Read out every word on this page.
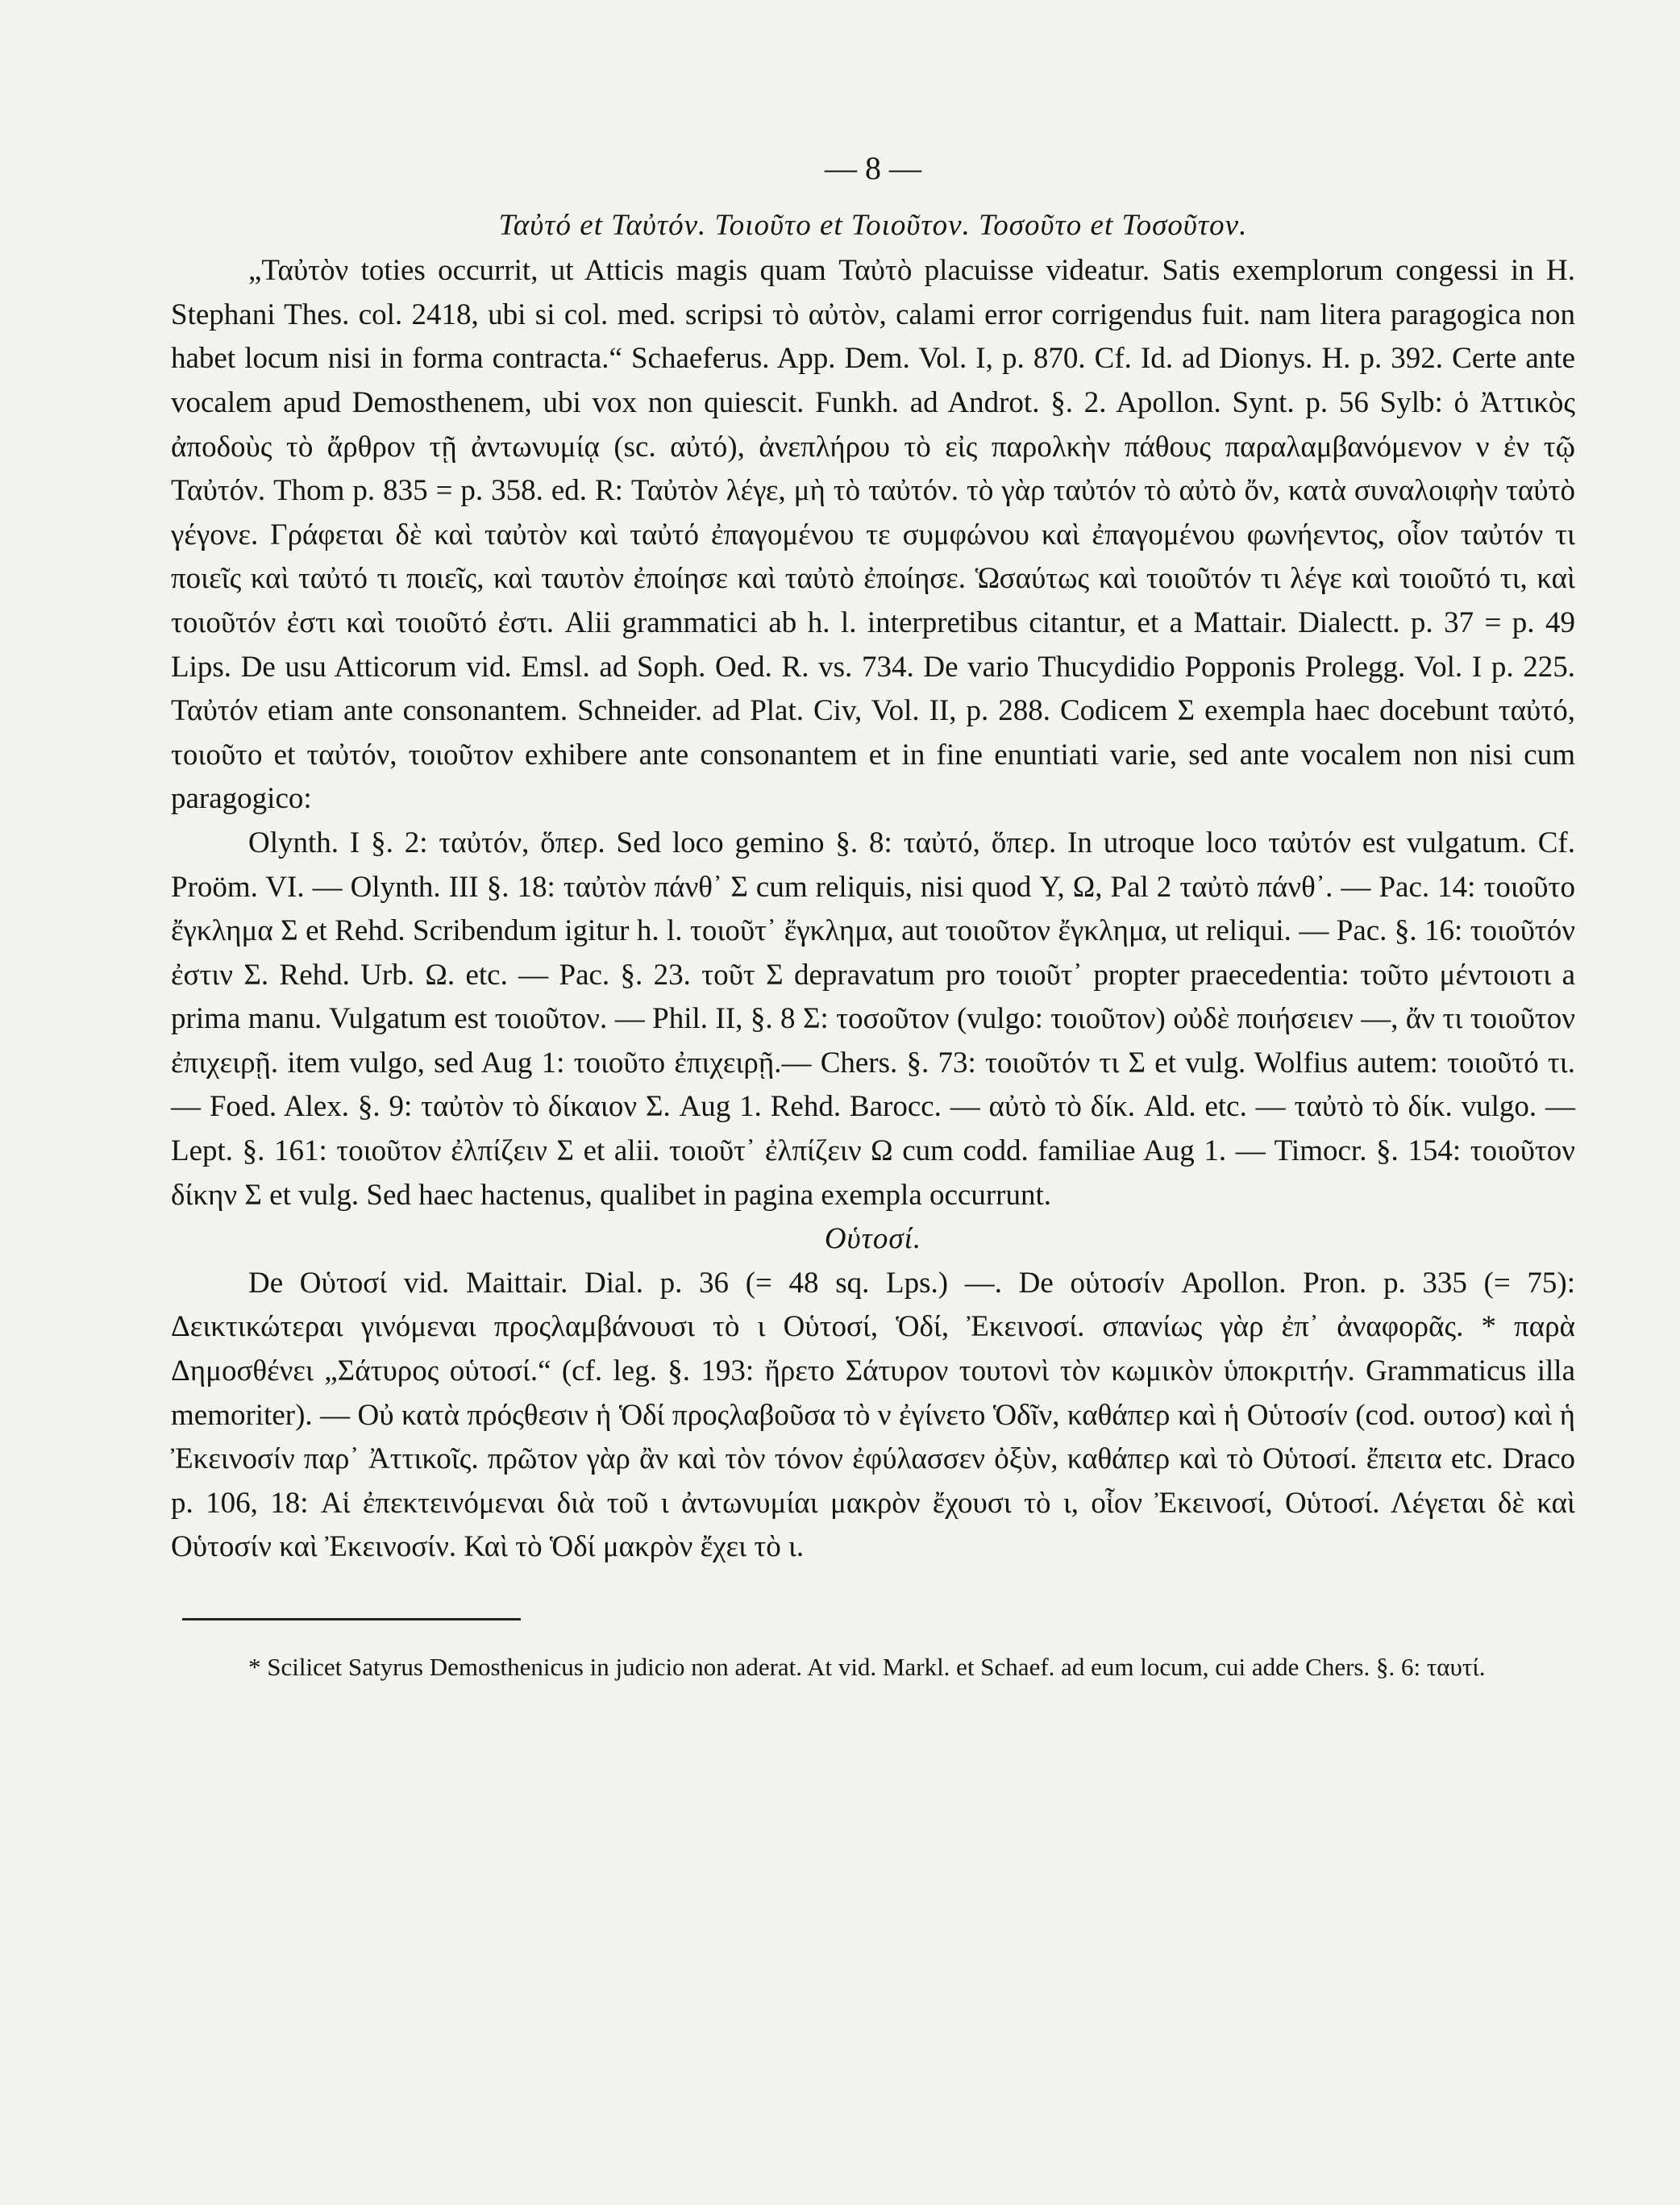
— 8 —
Ταὐτό et Ταὐτόν. Τοιοῦτο et Τοιοῦτον. Τοσοῦτο et Τοσοῦτον.

„Ταὐτὸν toties occurrit, ut Atticis magis quam Ταὐτὸ placuisse videatur. Satis exemplorum congessi in H. Stephani Thes. col. 2418, ubi si col. med. scripsi τὸ αὐτὸν, calami error corrigendus fuit. nam litera paragogica non habet locum nisi in forma contracta.“ Schaeferus. App. Dem. Vol. I, p. 870. Cf. Id. ad Dionys. H. p. 392. Certe ante vocalem apud Demosthenem, ubi vox non quiescit. Funkh. ad Androt. §. 2. Apollon. Synt. p. 56 Sylb: ὁ Ἀττικὸς ἀποδοὺς τὸ ἄρθρον τῇ ἀντωνυμίᾳ (sc. αὐτό), ἀνεπλήρου τὸ εἰς παρολκὴν πάθους παραλαμβανόμενον ν ἐν τῷ Ταὐτόν. Thom p. 835 = p. 358. ed. R: Ταὐτὸν λέγε, μὴ τὸ ταὐτόν. τὸ γὰρ ταὐτόν τὸ αὐτὸ ὄν, κατὰ συναλοιφὴν ταὐτὸ γέγονε. Γράφεται δὲ καὶ ταὐτὸν καὶ ταὐτό ἐπαγομένου τε συμφώνου καὶ ἐπαγομένου φωνήεντος, οἷον ταὐτόν τι ποιεῖς καὶ ταὐτό τι ποιεῖς, καὶ ταυτὸν ἐποίησε καὶ ταὐτὸ ἐποίησε. Ὡσαύτως καὶ τοιοῦτόν τι λέγε καὶ τοιοῦτό τι, καὶ τοιοῦτόν ἐστι καὶ τοιοῦτό ἐστι. Alii grammatici ab h. l. interpretibus citantur, et a Mattair. Dialectt. p. 37 = p. 49 Lips. De usu Atticorum vid. Emsl. ad Soph. Oed. R. vs. 734. De vario Thucydidio Popponis Prolegg. Vol. I p. 225. Ταὐτόν etiam ante consonantem. Schneider. ad Plat. Civ, Vol. II, p. 288. Codicem Σ exempla haec docebunt ταὐτό, τοιοῦτο et ταὐτόν, τοιοῦτον exhibere ante consonantem et in fine enuntiati varie, sed ante vocalem non nisi cum paragogico:

Olynth. I §. 2: ταὐτόν, ὅπερ. Sed loco gemino §. 8: ταὐτό, ὅπερ. In utroque loco ταὐτόν est vulgatum. Cf. Proöm. VI. — Olynth. III §. 18: ταὐτὸν πάνθ᾽ Σ cum reliquis, nisi quod Υ, Ω, Pal 2 ταὐτὸ πάνθ᾽. — Pac. 14: τοιοῦτο ἔγκλημα Σ et Rehd. Scribendum igitur h. l. τοιοῦτ᾽ ἔγκλημα, aut τοιοῦτον ἔγκλημα, ut reliqui. — Pac. §. 16: τοιοῦτόν ἐστιν Σ. Rehd. Urb. Ω. etc. — Pac. §. 23. τοῦτ Σ depravatum pro τοιοῦτ᾽ propter praecedentia: τοῦτο μέντοιοτι a prima manu. Vulgatum est τοιοῦτον. — Phil. II, §. 8 Σ: τοσοῦτον (vulgo: τοιοῦτον) οὐδὲ ποιήσειεν —, ἄν τι τοιοῦτον ἐπιχειρῇ. item vulgo, sed Aug 1: τοιοῦτο ἐπιχειρῇ.— Chers. §. 73: τοιοῦτόν τι Σ et vulg. Wolfius autem: τοιοῦτό τι. — Foed. Alex. §. 9: ταὐτὸν τὸ δίκαιον Σ. Aug 1. Rehd. Barocc. — αὐτὸ τὸ δίκ. Ald. etc. — ταὐτὸ τὸ δίκ. vulgo. — Lept. §. 161: τοιοῦτον ἐλπίζειν Σ et alii. τοιοῦτ᾽ ἐλπίζειν Ω cum codd. familiae Aug 1. — Timocr. §. 154: τοιοῦτον δίκην Σ et vulg. Sed haec hactenus, qualibet in pagina exempla occurrunt.

Οὑτοσί.

De Οὑτοσί vid. Maittair. Dial. p. 36 (= 48 sq. Lps.) —. De οὑτοσίν Apollon. Pron. p. 335 (= 75): Δεικτικώτεραι γινόμεναι προςλαμβάνουσι τὸ ι Οὑτοσί, Ὁδί, Ἐκεινοσί. σπανίως γὰρ ἐπ᾽ ἀναφορᾶς. * παρὰ Δημοσθένει „Σάτυρος οὑτοσί.“ (cf. leg. §. 193: ἤρετο Σάτυρον τουτονὶ τὸν κωμικὸν ὑποκριτήν. Grammaticus illa memoriter). — Οὐ κατὰ πρόςθεσιν ἡ Ὁδί προςλαβοῦσα τὸ ν ἐγίνετο Ὁδῖν, καθάπερ καὶ ἡ Οὑτοσίν (cod. ουτοσ) καὶ ἡ Ἐκεινοσίν παρ᾽ Ἀττικοῖς. πρῶτον γὰρ ἂν καὶ τὸν τόνον ἐφύλασσεν ὀξὺν, καθάπερ καὶ τὸ Οὑτοσί. ἔπειτα etc. Draco p. 106, 18: Αἱ ἐπεκτεινόμεναι διὰ τοῦ ι ἀντωνυμίαι μακρὸν ἔχουσι τὸ ι, οἷον Ἐκεινοσί, Οὑτοσί. Λέγεται δὲ καὶ Οὑτοσίν καὶ Ἐκεινοσίν. Καὶ τὸ Ὁδί μακρὸν ἔχει τὸ ι.

* Scilicet Satyrus Demosthenicus in judicio non aderat. At vid. Markl. et Schaef. ad eum locum, cui adde Chers. §. 6: ταυτί.
